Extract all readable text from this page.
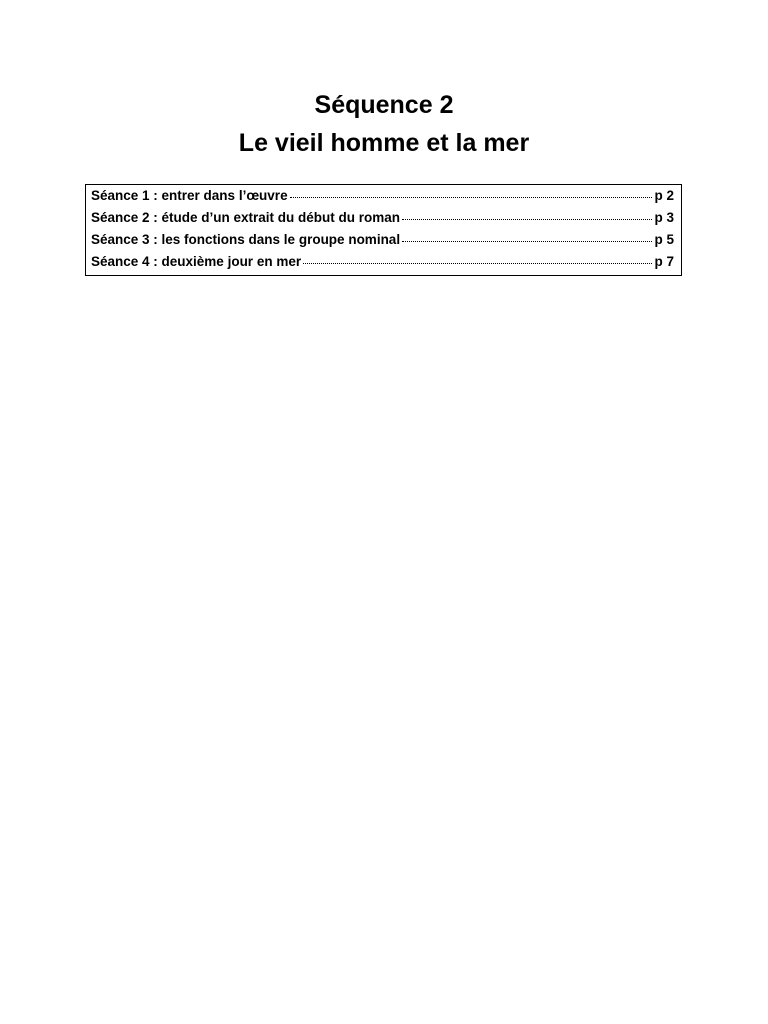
Séquence 2
Le vieil homme et la mer
Séance 1 : entrer dans l’œuvre	p 2
Séance 2 : étude d’un extrait du début du roman	p 3
Séance 3 : les fonctions dans le groupe nominal	p 5
Séance 4 : deuxième jour en mer	p 7
